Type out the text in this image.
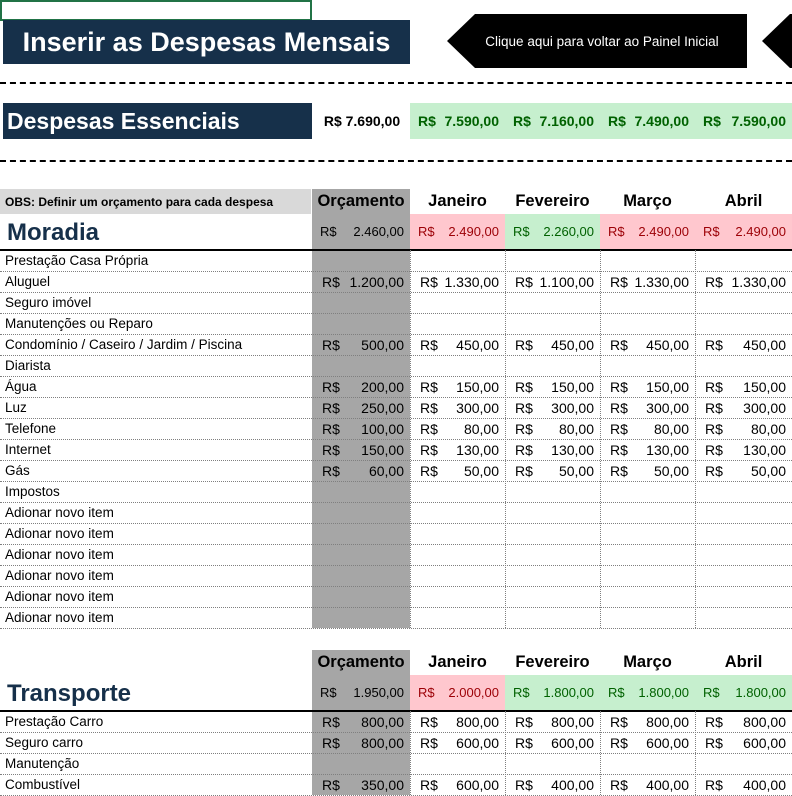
Inserir as Despesas Mensais	Clique aqui para voltar ao Painel Inicial
Despesas Essenciais	R$ 7.690,00	R$ 7.590,00 R$ 7.160,00 R$ 7.490,00 R$ 7.590,00
OBS: Definir um orçamento para cada despesa	Orçamento	Janeiro	Fevereiro	Março	Abril
Moradia	R$ 2.460,00 R$ 2.490,00 R$ 2.260,00 R$ 2.490,00 R$ 2.490,00
Prestação Casa Própria
Aluguel	R$ 1.200,00 R$ 1.330,00 R$ 1.100,00 R$ 1.330,00 R$ 1.330,00
Seguro imóvel
Manutenções ou Reparo
Condomínio / Caseiro / Jardim / Piscina	R$ 500,00 R$ 450,00 R$ 450,00 R$ 450,00 R$ 450,00
Diarista
Água	R$ 200,00 R$ 150,00 R$ 150,00 R$ 150,00 R$ 150,00
Luz	R$ 250,00 R$ 300,00 R$ 300,00 R$ 300,00 R$ 300,00
Telefone	R$ 100,00 R$ 80,00 R$ 80,00 R$ 80,00 R$ 80,00
Internet	R$ 150,00 R$ 130,00 R$ 130,00 R$ 130,00 R$ 130,00
Gás	R$ 60,00 R$ 50,00 R$ 50,00 R$ 50,00 R$ 50,00
Impostos
Adionar novo item
Adionar novo item
Adionar novo item
Adionar novo item
Adionar novo item
Adionar novo item
Orçamento	Janeiro	Fevereiro	Março	Abril
Transporte	R$ 1.950,00 R$ 2.000,00 R$ 1.800,00 R$ 1.800,00 R$ 1.800,00
Prestação Carro	R$ 800,00 R$ 800,00 R$ 800,00 R$ 800,00 R$ 800,00
Seguro carro	R$ 800,00 R$ 600,00 R$ 600,00 R$ 600,00 R$ 600,00
Manutenção
Combustível	R$ 350,00 R$ 600,00 R$ 400,00 R$ 400,00 R$ 400,00
